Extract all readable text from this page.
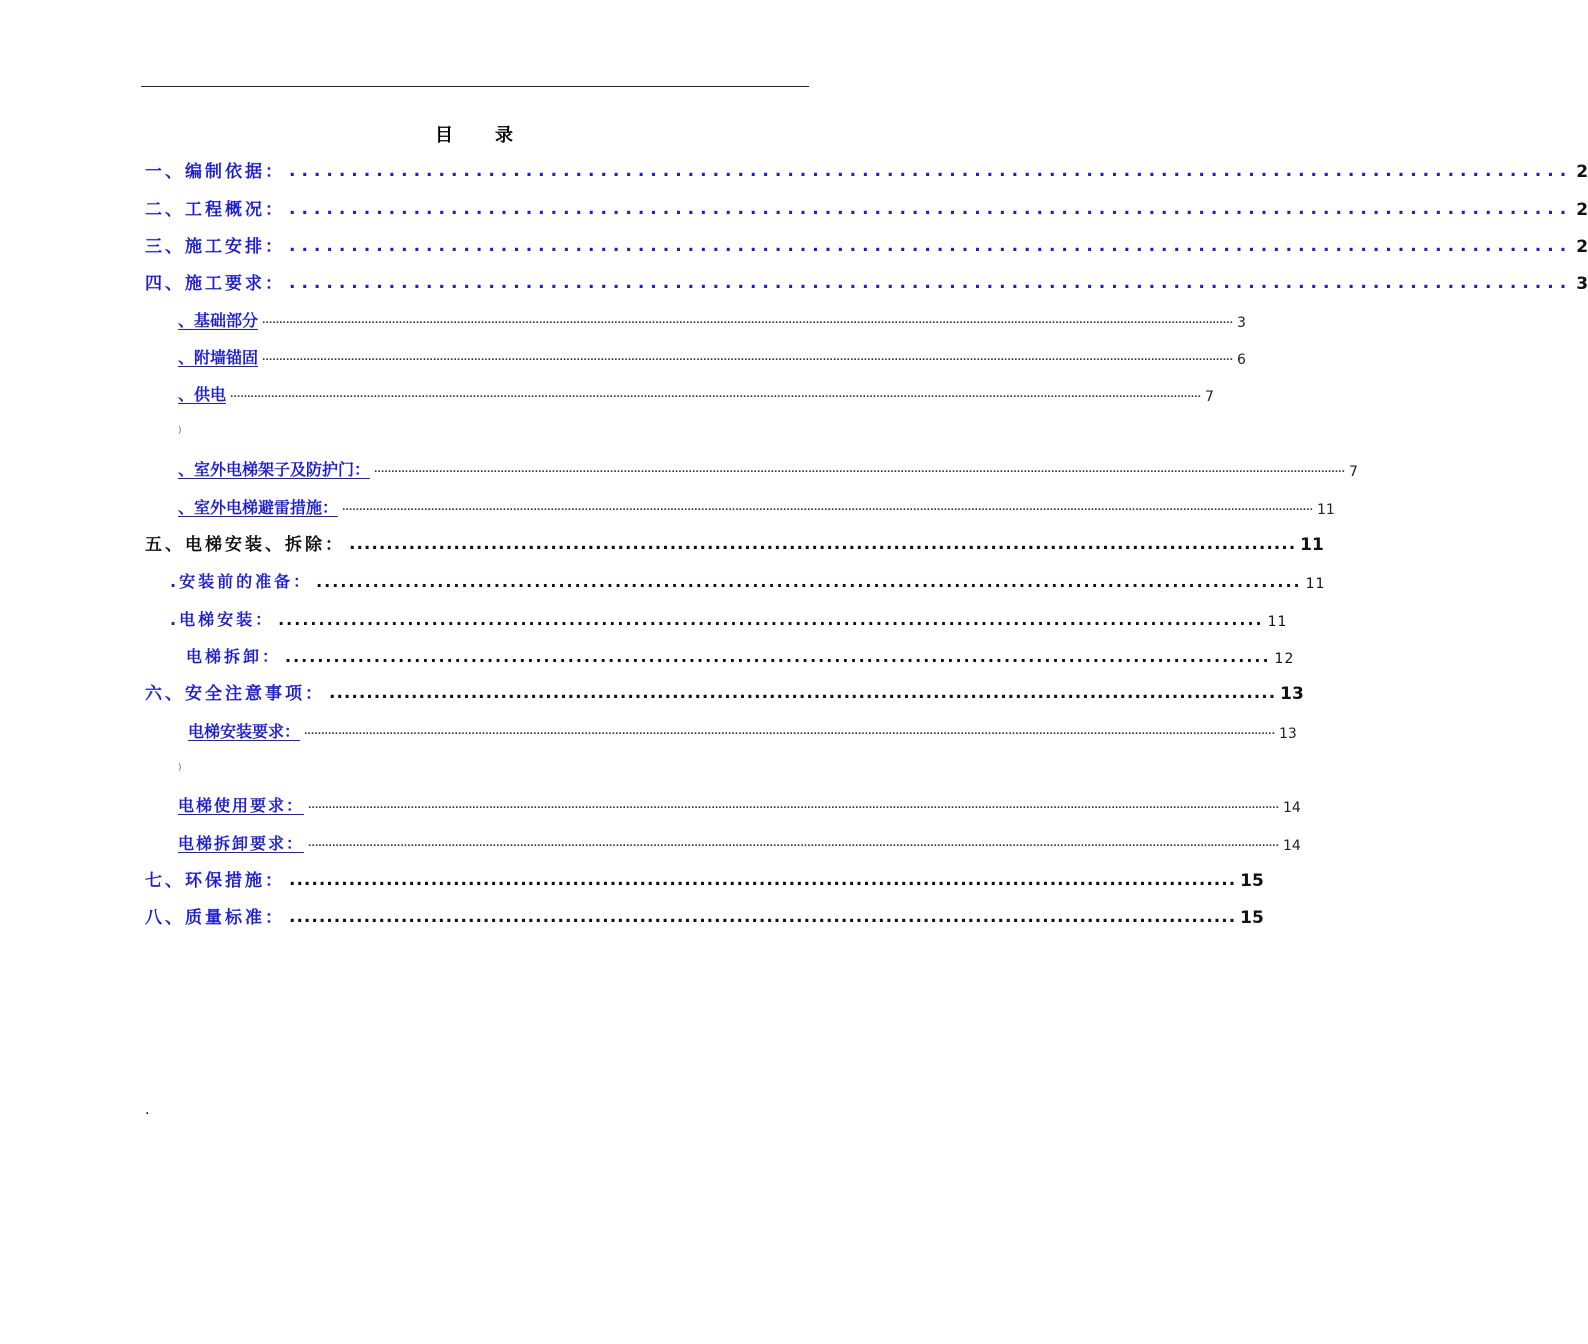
目 录
一、编制依据： ....................................................................................................... 2
二、工程概况： ....................................................................................................... 2
三、施工安排： ....................................................................................................... 2
四、施工要求： ....................................................................................................... 3
、基础部分 ............................................................................................................................................................................................................................................................................................ 3
、附墙锚固 ............................................................................................................................................................................................................................................................................................ 6
、供电 ............................................................................................................................................................................................................................................................................................ 7
)
、室外电梯架子及防护门： ............................................................................................................................................................................................................................................................................................ 7
、室外电梯避雷措施： ............................................................................................................................................................................................................................................................................................ 11
五、电梯安装、拆除： ............................................................................................................................... 11
.安装前的准备： .......................................................................................................................... 11
.电梯安装： .......................................................................................................................... 11
电梯拆卸： .......................................................................................................................... 12
六、安全注意事项： ............................................................................................................................... 13
电梯安装要求： ............................................................................................................................................................................................................................................................................................ 13
)
电梯使用要求： ............................................................................................................................................................................................................................................................................................ 14
电梯拆卸要求： ............................................................................................................................................................................................................................................................................................ 14
七、环保措施： ............................................................................................................................... 15
八、质量标准： ............................................................................................................................... 15
.
